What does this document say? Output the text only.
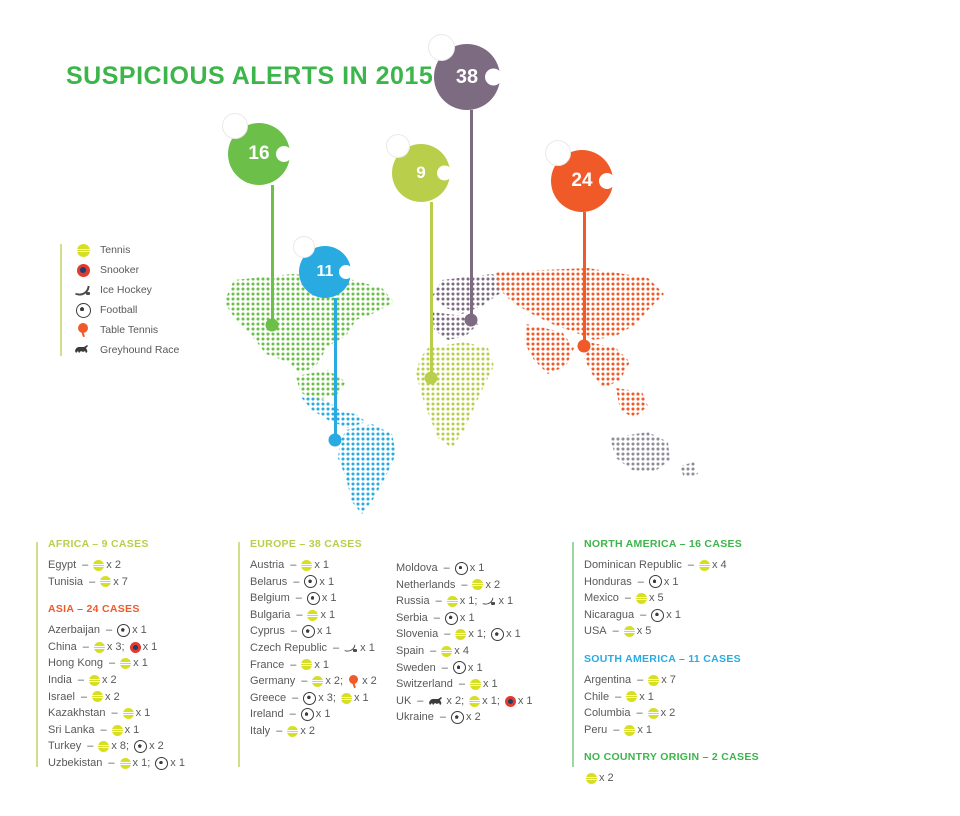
SUSPICIOUS ALERTS IN 2015
Tennis
Snooker
Ice Hockey
Football
Table Tennis
Greyhound Race
16
11
38
9	24
AFRICA – 9 CASES
Egypt – x 2
Tunisia – x 7
ASIA – 24 CASES
Azerbaijan – x 1
China – x 3; x 1
Hong Kong – x 1
India – x 2
Israel – x 2
Kazakhstan – x 1
Sri Lanka – x 1
Turkey – x 8; x 2
Uzbekistan – x 1; x 1
EUROPE – 38 CASES
Austria – x 1
Belarus – x 1
Belgium – x 1
Bulgaria – x 1
Cyprus – x 1
Czech Republic – x 1
France – x 1
Germany – x 2; x 2
Greece – x 3; x 1
Ireland – x 1
Italy – x 2
Moldova – x 1
Netherlands – x 2
Russia – x 1; x 1
Serbia – x 1
Slovenia – x 1; x 1
Spain – x 4
Sweden – x 1
Switzerland – x 1
UK – x 2; x 1; x 1
Ukraine – x 2
NORTH AMERICA – 16 CASES
Dominican Republic – x 4
Honduras – x 1
Mexico – x 5
Nicaragua – x 1
USA – x 5
SOUTH AMERICA – 11 CASES
Argentina – x 7
Chile – x 1
Columbia – x 2
Peru – x 1
NO COUNTRY ORIGIN – 2 CASES
x 2
